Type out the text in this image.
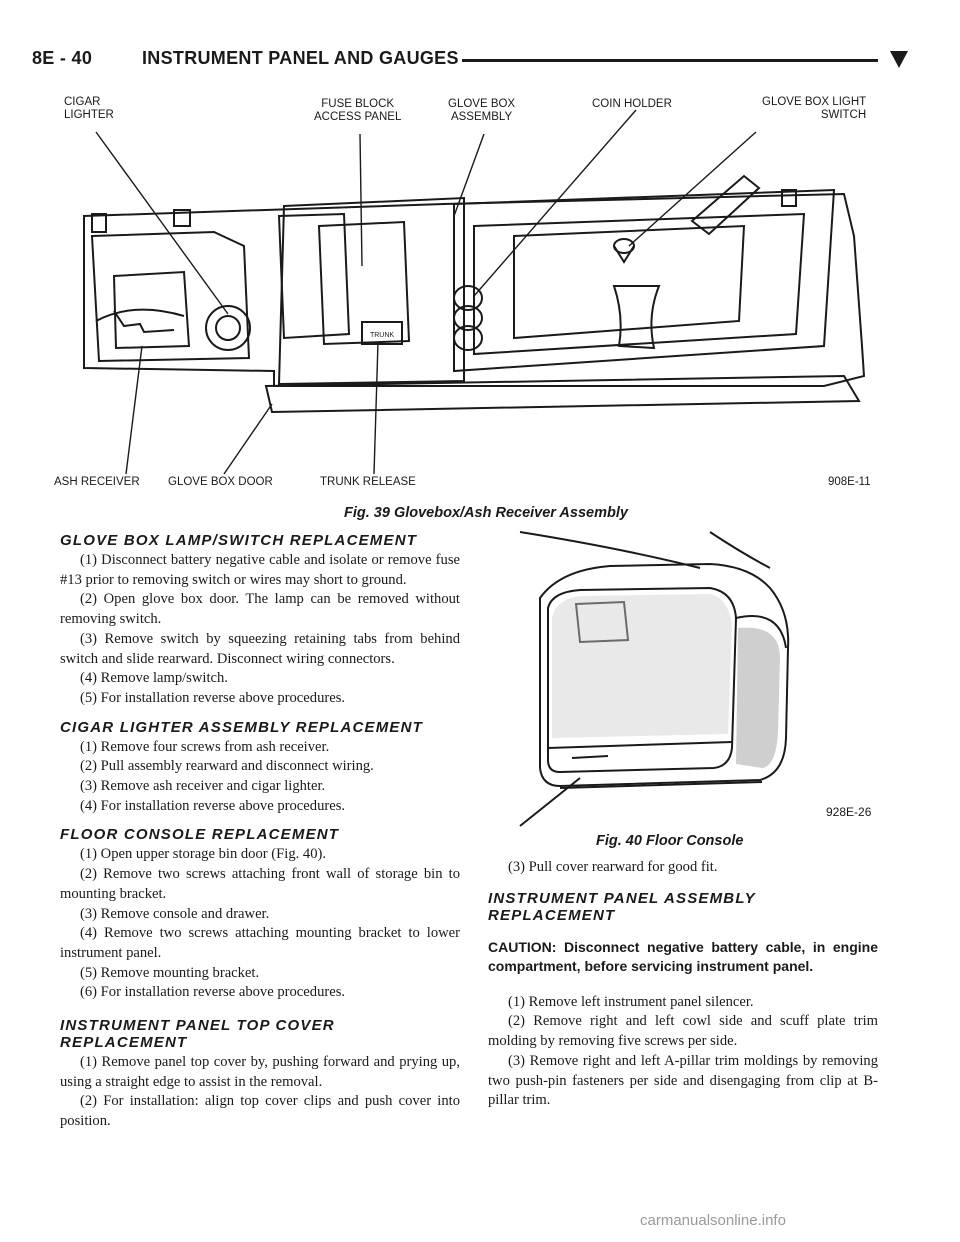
8E - 40	INSTRUMENT PANEL AND GAUGES
TRUNK
CIGAR
LIGHTER
FUSE BLOCK
ACCESS PANEL
GLOVE BOX
ASSEMBLY
COIN HOLDER	GLOVE BOX LIGHT
SWITCH
ASH RECEIVER GLOVE BOX DOOR	TRUNK RELEASE	908E-11
Fig. 39 Glovebox/Ash Receiver Assembly
928E-26
Fig. 40 Floor Console
GLOVE BOX LAMP/SWITCH REPLACEMENT

(1) Disconnect battery negative cable and isolate or remove fuse #13 prior to removing switch or wires may short to ground.

(2) Open glove box door. The lamp can be removed without removing switch.

(3) Remove switch by squeezing retaining tabs from behind switch and slide rearward. Disconnect wiring connectors.

(4) Remove lamp/switch.

(5) For installation reverse above procedures.

CIGAR LIGHTER ASSEMBLY REPLACEMENT

(1) Remove four screws from ash receiver.

(2) Pull assembly rearward and disconnect wiring.

(3) Remove ash receiver and cigar lighter.

(4) For installation reverse above procedures.

FLOOR CONSOLE REPLACEMENT

(1) Open upper storage bin door (Fig. 40).

(2) Remove two screws attaching front wall of storage bin to mounting bracket.

(3) Remove console and drawer.

(4) Remove two screws attaching mounting bracket to lower instrument panel.

(5) Remove mounting bracket.

(6) For installation reverse above procedures.

INSTRUMENT PANEL TOP COVER REPLACEMENT

(1) Remove panel top cover by, pushing forward and prying up, using a straight edge to assist in the removal.

(2) For installation: align top cover clips and push cover into position.

(3) Pull cover rearward for good fit.

INSTRUMENT PANEL ASSEMBLY REPLACEMENT
CAUTION: Disconnect negative battery cable, in engine compartment, before servicing instrument panel.

(1) Remove left instrument panel silencer.

(2) Remove right and left cowl side and scuff plate trim molding by removing five screws per side.

(3) Remove right and left A-pillar trim moldings by removing two push-pin fasteners per side and disengaging from clip at B-pillar trim.

carmanualsonline.info
